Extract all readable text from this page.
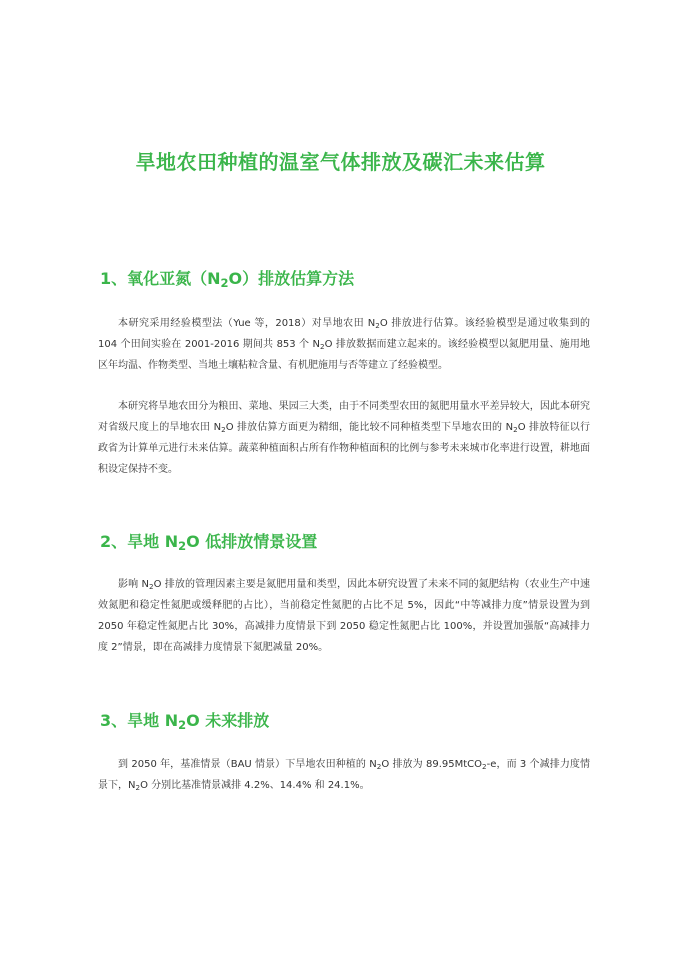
旱地农田种植的温室气体排放及碳汇未来估算
1、氧化亚氮$(N_2O)$排放估算方法

本研究采用经验模型法（Yue 等，2018）对旱地农田 $N_2O$ 排放进行估算。该经验模型是通过收集到的 104 个田间实验在 2001-2016 期间共 853 个 $N_2O$ 排放数据而建立起来的。该经验模型以氮肥用量、施用地区年均温、作物类型、当地土壤粘粒含量、有机肥施用与否等建立了经验模型。

本研究将旱地农田分为粮田、菜地、果园三大类，由于不同类型农田的氮肥用量水平差异较大，因此本研究对省级尺度上的旱地农田 $N_2O$ 排放估算方面更为精细，能比较不同种植类型下旱地农田的 $N_2O$ 排放特征以行政省为计算单元进行未来估算。蔬菜种植面积占所有作物种植面积的比例与参考未来城市化率进行设置，耕地面积设定保持不变。

2、旱地 $N_2O$ 低排放情景设置

影响 $N_2O$ 排放的管理因素主要是氮肥用量和类型，因此本研究设置了未来不同的氮肥结构（农业生产中速效氮肥和稳定性氮肥或缓释肥的占比），当前稳定性氮肥的占比不足 5%，因此“中等减排力度”情景设置为到 2050 年稳定性氮肥占比 30%，高减排力度情景下到 2050 稳定性氮肥占比 100%，并设置加强版“高减排力度 2”情景，即在高减排力度情景下氮肥减量 20%。

3、旱地 $N_2O$ 未来排放

到 2050 年，基准情景（BAU 情景）下旱地农田种植的 $N_2O$ 排放为 89.95MtCO$_2$-e，而 3 个减排力度情景下，$N_2O$ 分别比基准情景减排 4.2%、14.4% 和 24.1%。
